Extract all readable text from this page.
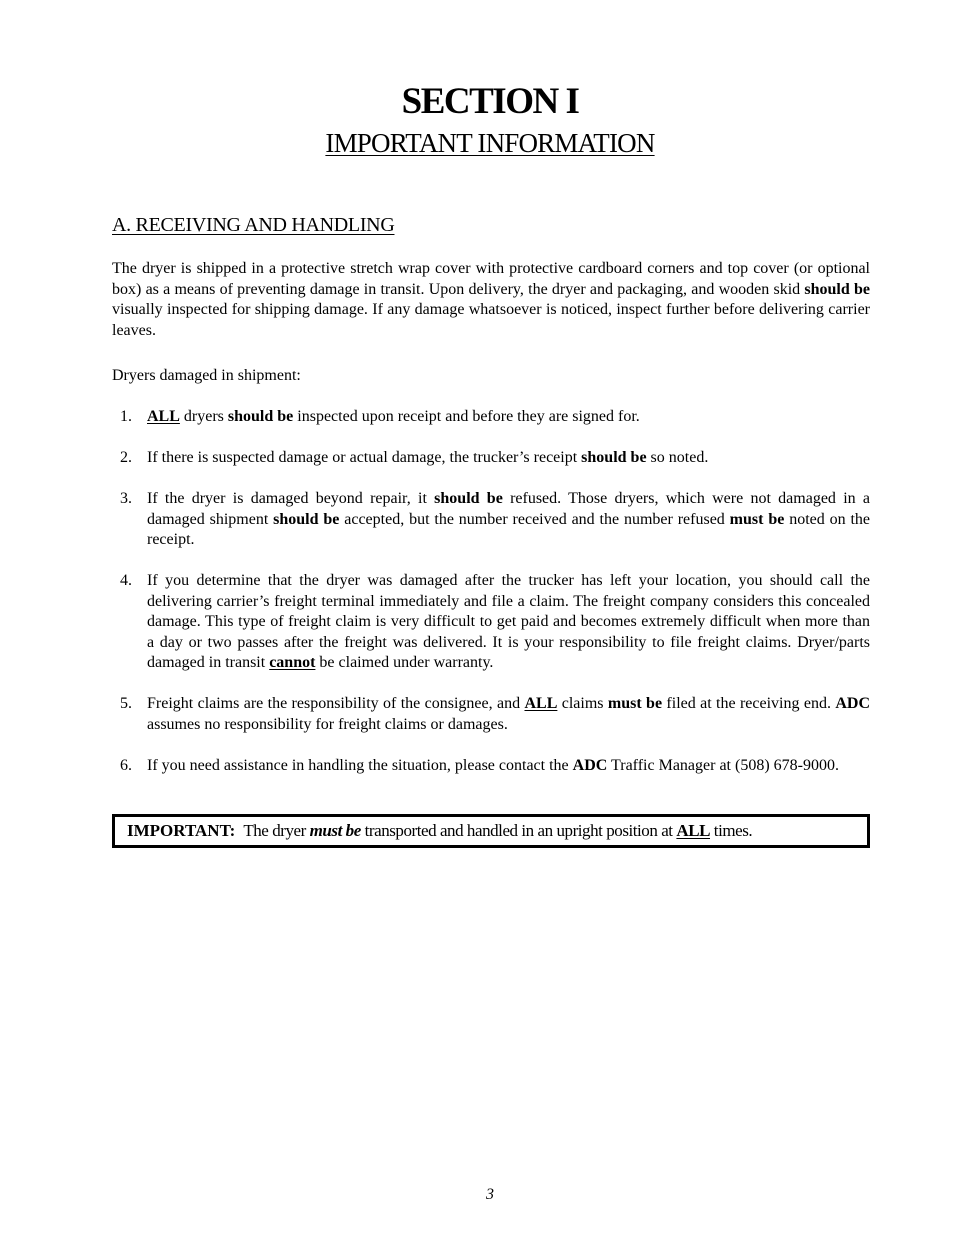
SECTION I
IMPORTANT INFORMATION
A. RECEIVING AND HANDLING
The dryer is shipped in a protective stretch wrap cover with protective cardboard corners and top cover (or optional box) as a means of preventing damage in transit. Upon delivery, the dryer and packaging, and wooden skid should be visually inspected for shipping damage. If any damage whatsoever is noticed, inspect further before delivering carrier leaves.
Dryers damaged in shipment:
1. ALL dryers should be inspected upon receipt and before they are signed for.
2. If there is suspected damage or actual damage, the trucker’s receipt should be so noted.
3. If the dryer is damaged beyond repair, it should be refused. Those dryers, which were not damaged in a damaged shipment should be accepted, but the number received and the number refused must be noted on the receipt.
4. If you determine that the dryer was damaged after the trucker has left your location, you should call the delivering carrier’s freight terminal immediately and file a claim. The freight company considers this concealed damage. This type of freight claim is very difficult to get paid and becomes extremely difficult when more than a day or two passes after the freight was delivered. It is your responsibility to file freight claims. Dryer/parts damaged in transit cannot be claimed under warranty.
5. Freight claims are the responsibility of the consignee, and ALL claims must be filed at the receiving end. ADC assumes no responsibility for freight claims or damages.
6. If you need assistance in handling the situation, please contact the ADC Traffic Manager at (508) 678-9000.
IMPORTANT: The dryer must be transported and handled in an upright position at ALL times.
3
